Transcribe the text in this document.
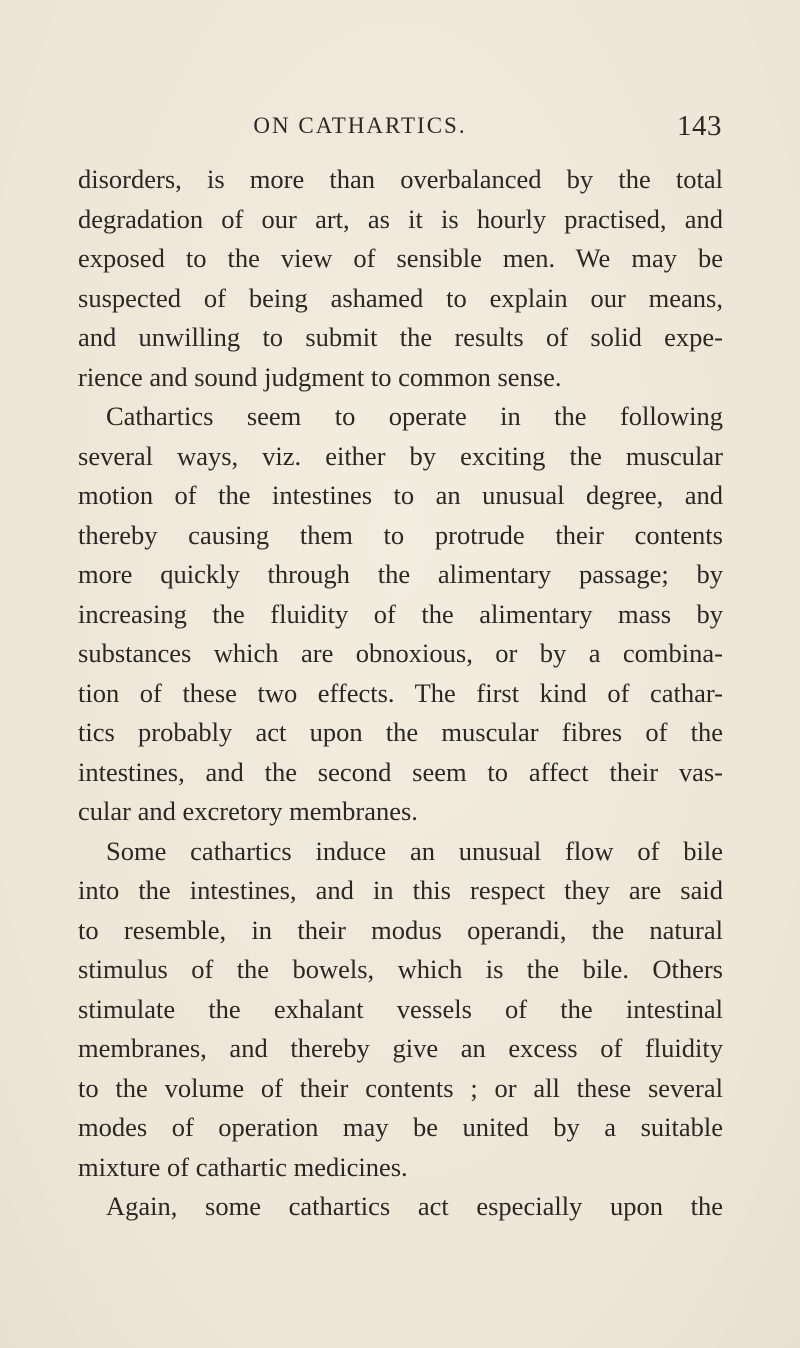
ON CATHARTICS.	143
disorders, is more than overbalanced by the total
degradation of our art, as it is hourly practised, and
exposed to the view of sensible men. We may be
suspected of being ashamed to explain our means,
and unwilling to submit the results of solid expe-
rience and sound judgment to common sense.
Cathartics seem to operate in the following
several ways, viz. either by exciting the muscular
motion of the intestines to an unusual degree, and
thereby causing them to protrude their contents
more quickly through the alimentary passage; by
increasing the fluidity of the alimentary mass by
substances which are obnoxious, or by a combina-
tion of these two effects. The first kind of cathar-
tics probably act upon the muscular fibres of the
intestines, and the second seem to affect their vas-
cular and excretory membranes.
Some cathartics induce an unusual flow of bile
into the intestines, and in this respect they are said
to resemble, in their modus operandi, the natural
stimulus of the bowels, which is the bile. Others
stimulate the exhalant vessels of the intestinal
membranes, and thereby give an excess of fluidity
to the volume of their contents ; or all these several
modes of operation may be united by a suitable
mixture of cathartic medicines.
Again, some cathartics act especially upon the
